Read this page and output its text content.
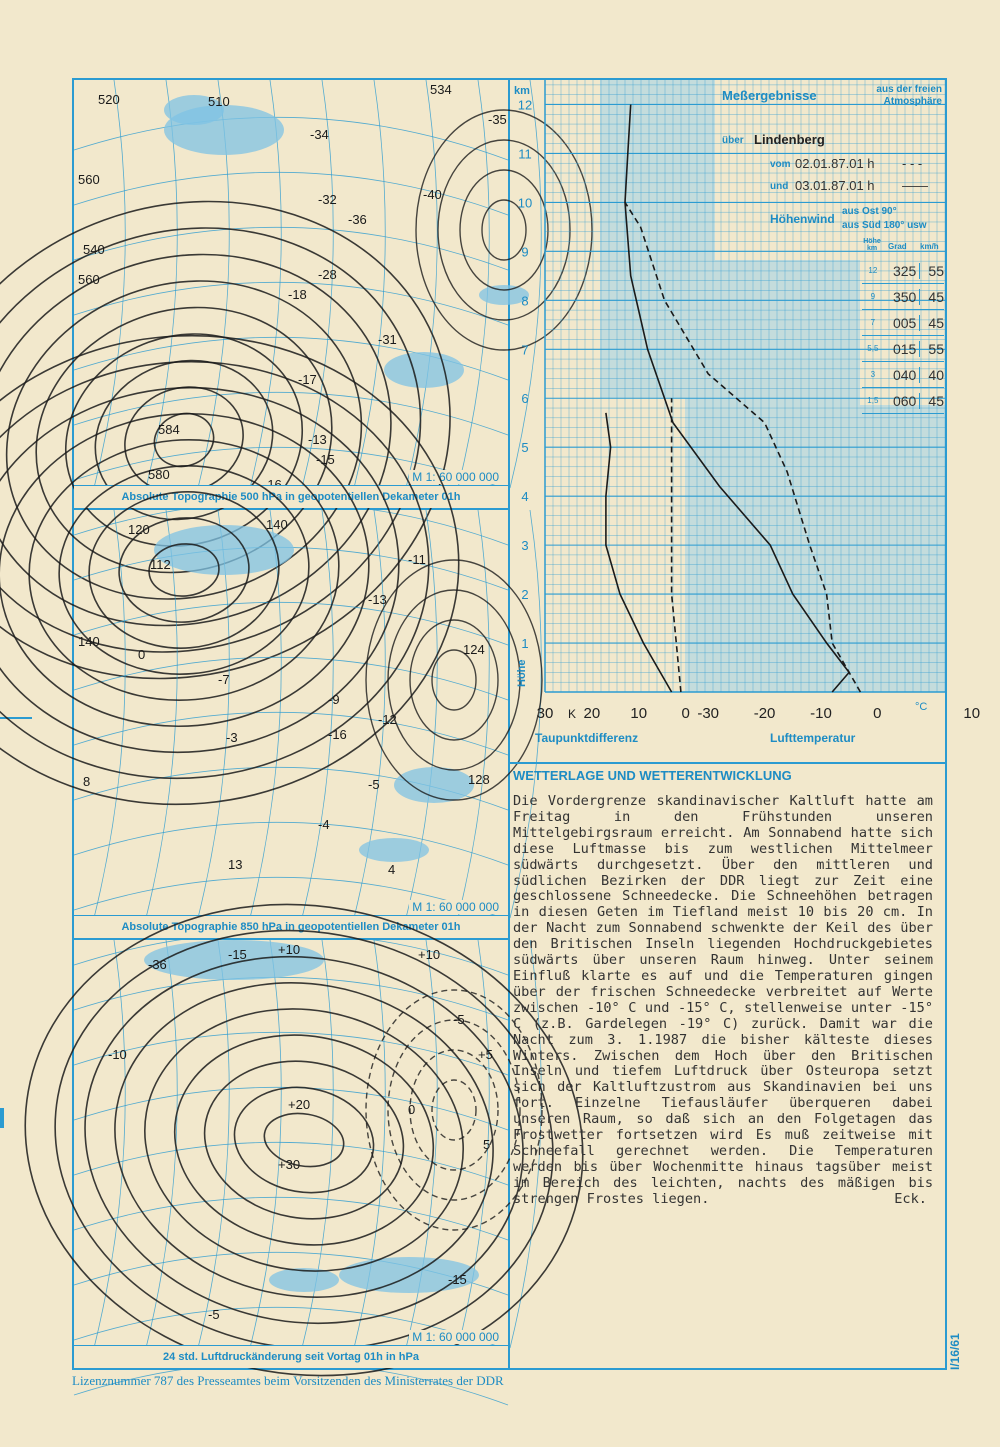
520	510
534
560
560
540
584
580
-34
-32
-28
-18
-17
-13
-15
-31
-40
-35
-36
M 1: 60 000 000
Absolute Topographie 500 hPa in geopotentiellen Dekameter 01h
120
112
140
140
0
-9
-12
-13
-11
-3
-7
13
-4
-5
124
128
8
4
-16
M 1: 60 000 000
Absolute Topographie 850 hPa in geopotentiellen Dekameter 01h
-10
-15 +10	+10
+20
+30
+5
0
-5
-15
-5
-36
5
M 1: 60 000 000
24 std. Luftdruckänderung seit Vortag 01h in hPa
12
11
10
9
8
7
6
5
4
3
2
1
km
Höhe
30 K 20 10 0 -30 -20 -10	0	10
°C
Taupunktdifferenz	Lufttemperatur
Meßergebnisse	aus der freien
Atmosphäre
über Lindenberg
vom 02.01.87.01 h - - -
und 03.01.87.01 h ——
Höhenwind
aus Ost 90°
aus Süd 180° usw
Höhe km	Grad km/h
12	325 55
9	350 45
7	005 45
5,5	015 55
3	040 40
1,5	060 45
WETTERLAGE UND WETTERENTWICKLUNG
Die Vordergrenze skandinavischer Kaltluft hatte am Freitag in den Frühstunden unseren Mittelgebirgsraum erreicht. Am Sonnabend hatte sich diese Luftmasse bis zum westlichen Mittelmeer südwärts durchgesetzt. Über den mittleren und südlichen Bezirken der DDR liegt zur Zeit eine geschlossene Schneedecke. Die Schneehöhen betragen in diesen Geten im Tiefland meist 10 bis 20 cm. In der Nacht zum Sonnabend schwenkte der Keil des über den Britischen Inseln liegenden Hochdruckgebietes südwärts über unseren Raum hinweg. Unter seinem Einfluß klarte es auf und die Temperaturen gingen über der frischen Schneedecke verbreitet auf Werte zwischen -10° C und -15° C, stellenweise unter -15° C (z.B. Gardelegen -19° C) zurück. Damit war die Nacht zum 3. 1.1987 die bisher kälteste dieses Winters. Zwischen dem Hoch über den Britischen Inseln und tiefem Luftdruck über Osteuropa setzt sich der Kaltluftzustrom aus Skandinavien bei uns fort. Einzelne Tiefausläufer überqueren dabei unseren Raum, so daß sich an den Folgetagen das Frostwetter fortsetzen wird Es muß zeitweise mit Schneefall gerechnet werden. Die Temperaturen werden bis über Wochenmitte hinaus tagsüber meist im Bereich des leichten, nachts des mäßigen bis strengen Frostes liegen.	Eck.
Lizenznummer 787 des Presseamtes beim Vorsitzenden des Ministerrates der DDR
I/16/61
